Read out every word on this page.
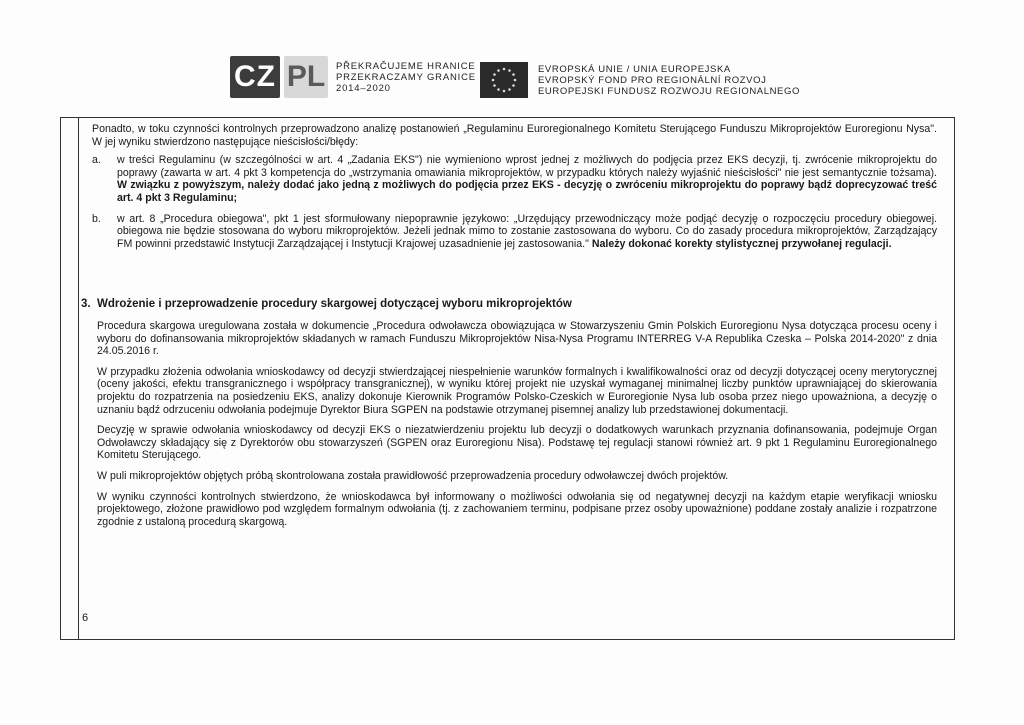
CZ PL PŘEKRAČUJEME HRANICE
PRZEKRACZAMY GRANICE
2014–2020
EVROPSKÁ UNIE / UNIA EUROPEJSKA
EVROPSKÝ FOND PRO REGIONÁLNÍ ROZVOJ
EUROPEJSKI FUNDUSZ ROZWOJU REGIONALNEGO

Ponadto, w toku czynności kontrolnych przeprowadzono analizę postanowień „Regulaminu Euroregionalnego Komitetu Sterującego Funduszu Mikroprojektów Euroregionu Nysa". W jej wyniku stwierdzono następujące nieścisłości/błędy:

a.	w treści Regulaminu (w szczególności w art. 4 „Zadania EKS") nie wymieniono wprost jednej z możliwych do podjęcia przez EKS decyzji, tj. zwrócenie mikroprojektu do poprawy (zawarta w art. 4 pkt 3 kompetencja do „wstrzymania omawiania mikroprojektów, w przypadku których należy wyjaśnić nieścisłości" nie jest semantycznie tożsama). W związku z powyższym, należy dodać jako jedną z możliwych do podjęcia przez EKS - decyzję o zwróceniu mikroprojektu do poprawy bądź doprecyzować treść art. 4 pkt 3 Regulaminu;
b.	w art. 8 „Procedura obiegowa", pkt 1 jest sformułowany niepoprawnie językowo: „Urzędujący przewodniczący może podjąć decyzję o rozpoczęciu procedury obiegowej. obiegowa nie będzie stosowana do wyboru mikroprojektów. Jeżeli jednak mimo to zostanie zastosowana do wyboru. Co do zasady procedura mikroprojektów, Zarządzający FM powinni przedstawić Instytucji Zarządzającej i Instytucji Krajowej uzasadnienie jej zastosowania." Należy dokonać korekty stylistycznej przywołanej regulacji.
3. Wdrożenie i przeprowadzenie procedury skargowej dotyczącej wyboru mikroprojektów

Procedura skargowa uregulowana została w dokumencie „Procedura odwoławcza obowiązująca w Stowarzyszeniu Gmin Polskich Euroregionu Nysa dotycząca procesu oceny i wyboru do dofinansowania mikroprojektów składanych w ramach Funduszu Mikroprojektów Nisa-Nysa Programu INTERREG V-A Republika Czeska – Polska 2014-2020" z dnia 24.05.2016 r.

W przypadku złożenia odwołania wnioskodawcy od decyzji stwierdzającej niespełnienie warunków formalnych i kwalifikowalności oraz od decyzji dotyczącej oceny merytorycznej (oceny jakości, efektu transgranicznego i współpracy transgranicznej), w wyniku której projekt nie uzyskał wymaganej minimalnej liczby punktów uprawniającej do skierowania projektu do rozpatrzenia na posiedzeniu EKS, analizy dokonuje Kierownik Programów Polsko-Czeskich w Euroregionie Nysa lub osoba przez niego upoważniona, a decyzję o uznaniu bądź odrzuceniu odwołania podejmuje Dyrektor Biura SGPEN na podstawie otrzymanej pisemnej analizy lub przedstawionej dokumentacji.

Decyzję w sprawie odwołania wnioskodawcy od decyzji EKS o niezatwierdzeniu projektu lub decyzji o dodatkowych warunkach przyznania dofinansowania, podejmuje Organ Odwoławczy składający się z Dyrektorów obu stowarzyszeń (SGPEN oraz Euroregionu Nisa). Podstawę tej regulacji stanowi również art. 9 pkt 1 Regulaminu Euroregionalnego Komitetu Sterującego.

W puli mikroprojektów objętych próbą skontrolowana została prawidłowość przeprowadzenia procedury odwoławczej dwóch projektów.

W wyniku czynności kontrolnych stwierdzono, że wnioskodawca był informowany o możliwości odwołania się od negatywnej decyzji na każdym etapie weryfikacji wniosku projektowego, złożone prawidłowo pod względem formalnym odwołania (tj. z zachowaniem terminu, podpisane przez osoby upoważnione) poddane zostały analizie i rozpatrzone zgodnie z ustaloną procedurą skargową.

6
